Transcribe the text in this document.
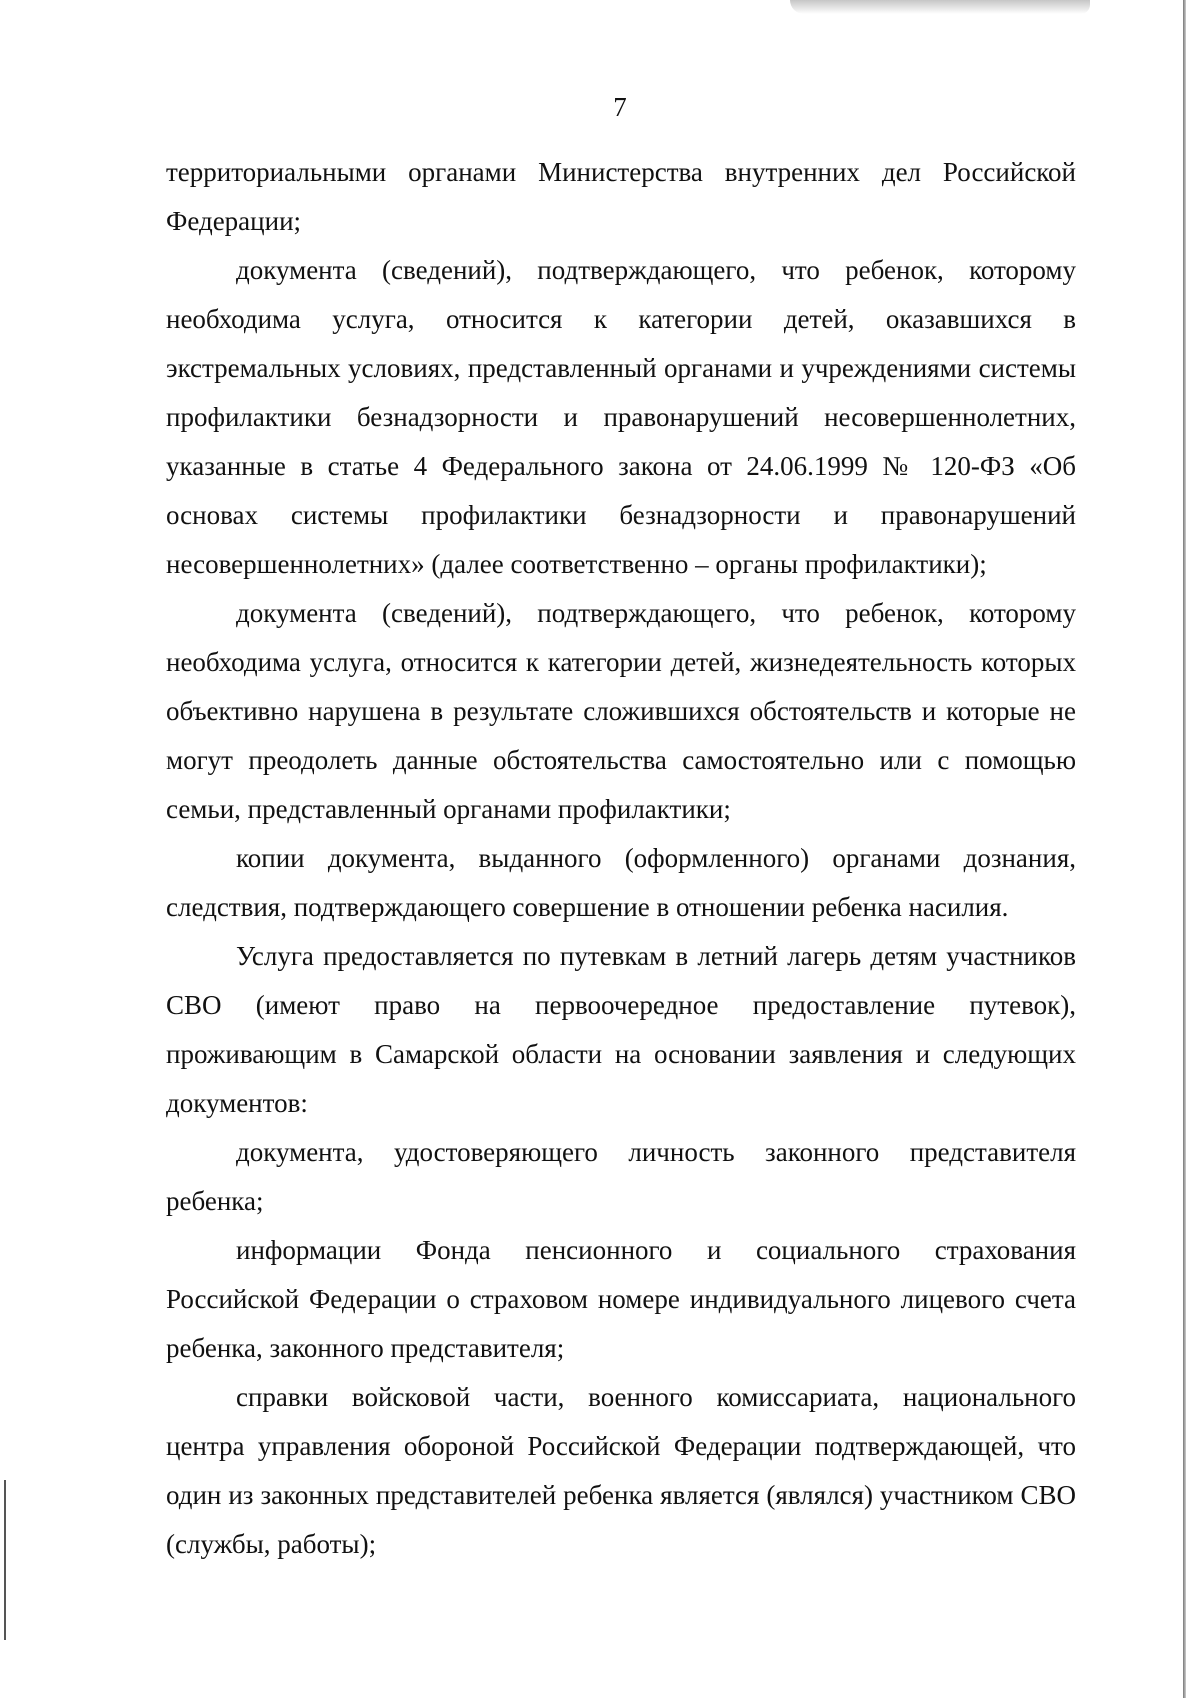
7

территориальными органами Министерства внутренних дел Российской Федерации;

документа (сведений), подтверждающего, что ребенок, которому необходима услуга, относится к категории детей, оказавшихся в экстремальных условиях, представленный органами и учреждениями системы профилактики безнадзорности и правонарушений несовершеннолетних, указанные в статье 4 Федерального закона от 24.06.1999 № 120-ФЗ «Об основах системы профилактики безнадзорности и правонарушений несовершеннолетних» (далее соответственно – органы профилактики);

документа (сведений), подтверждающего, что ребенок, которому необходима услуга, относится к категории детей, жизнедеятельность которых объективно нарушена в результате сложившихся обстоятельств и которые не могут преодолеть данные обстоятельства самостоятельно или с помощью семьи, представленный органами профилактики;

копии документа, выданного (оформленного) органами дознания, следствия, подтверждающего совершение в отношении ребенка насилия.

Услуга предоставляется по путевкам в летний лагерь детям участников СВО (имеют право на первоочередное предоставление путевок), проживающим в Самарской области на основании заявления и следующих документов:

документа, удостоверяющего личность законного представителя ребенка;

информации Фонда пенсионного и социального страхования Российской Федерации о страховом номере индивидуального лицевого счета ребенка, законного представителя;

справки войсковой части, военного комиссариата, национального центра управления обороной Российской Федерации подтверждающей, что один из законных представителей ребенка является (являлся) участником СВО (службы, работы);
